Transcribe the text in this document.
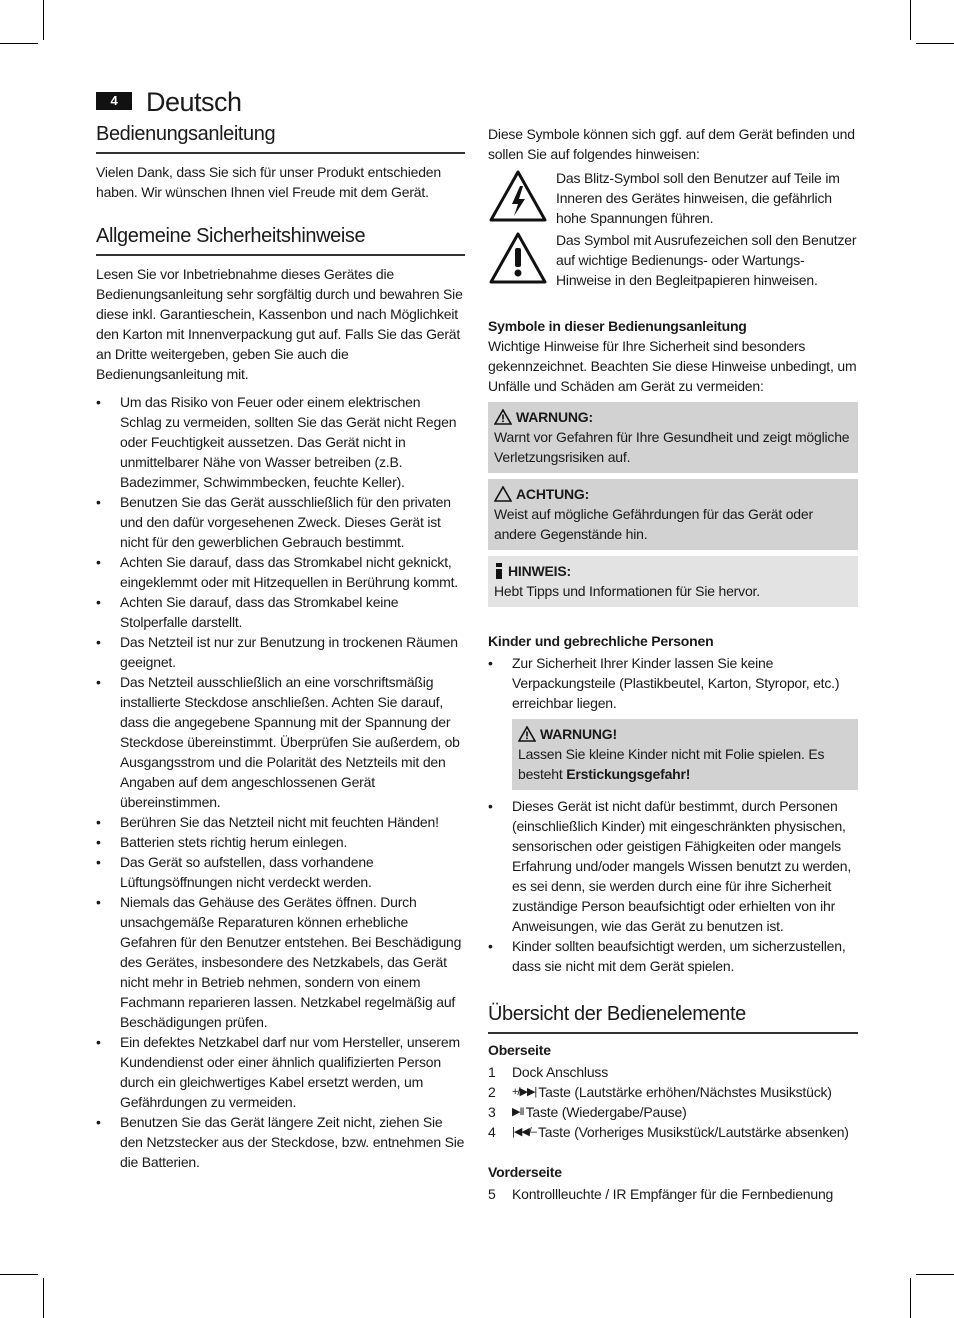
4	Deutsch
Bedienungsanleitung

Vielen Dank, dass Sie sich für unser Produkt entschieden haben. Wir wünschen Ihnen viel Freude mit dem Gerät.

Allgemeine Sicherheitshinweise

Lesen Sie vor Inbetriebnahme dieses Gerätes die Bedienungsanleitung sehr sorgfältig durch und bewahren Sie diese inkl. Garantieschein, Kassenbon und nach Möglichkeit den Karton mit Innenverpackung gut auf. Falls Sie das Gerät an Dritte weitergeben, geben Sie auch die Bedienungsanleitung mit.

• Um das Risiko von Feuer oder einem elektrischen Schlag zu vermeiden, sollten Sie das Gerät nicht Regen oder Feuchtigkeit aussetzen. Das Gerät nicht in unmittelbarer Nähe von Wasser betreiben (z.B. Badezimmer, Schwimmbecken, feuchte Keller).
• Benutzen Sie das Gerät ausschließlich für den privaten und den dafür vorgesehenen Zweck. Dieses Gerät ist nicht für den gewerblichen Gebrauch bestimmt.
• Achten Sie darauf, dass das Stromkabel nicht geknickt, eingeklemmt oder mit Hitzequellen in Berührung kommt.
• Achten Sie darauf, dass das Stromkabel keine Stolperfalle darstellt.
• Das Netzteil ist nur zur Benutzung in trockenen Räumen geeignet.
• Das Netzteil ausschließlich an eine vorschriftsmäßig installierte Steckdose anschließen. Achten Sie darauf, dass die angegebene Spannung mit der Spannung der Steckdose übereinstimmt. Überprüfen Sie außerdem, ob Ausgangsstrom und die Polarität des Netzteils mit den Angaben auf dem angeschlossenen Gerät übereinstimmen.
• Berühren Sie das Netzteil nicht mit feuchten Händen!
• Batterien stets richtig herum einlegen.
• Das Gerät so aufstellen, dass vorhandene Lüftungsöffnungen nicht verdeckt werden.
• Niemals das Gehäuse des Gerätes öffnen. Durch unsachgemäße Reparaturen können erhebliche Gefahren für den Benutzer entstehen. Bei Beschädigung des Gerätes, insbesondere des Netzkabels, das Gerät nicht mehr in Betrieb nehmen, sondern von einem Fachmann reparieren lassen. Netzkabel regelmäßig auf Beschädigungen prüfen.
• Ein defektes Netzkabel darf nur vom Hersteller, unserem Kundendienst oder einer ähnlich qualifizierten Person durch ein gleichwertiges Kabel ersetzt werden, um Gefährdungen zu vermeiden.
• Benutzen Sie das Gerät längere Zeit nicht, ziehen Sie den Netzstecker aus der Steckdose, bzw. entnehmen Sie die Batterien.

Diese Symbole können sich ggf. auf dem Gerät befinden und sollen Sie auf folgendes hinweisen:

Das Blitz-Symbol soll den Benutzer auf Teile im Inneren des Gerätes hinweisen, die gefährlich hohe Spannungen führen.
Das Symbol mit Ausrufezeichen soll den Benutzer auf wichtige Bedienungs- oder Wartungs-Hinweise in den Begleitpapieren hinweisen.
Symbole in dieser Bedienungsanleitung

Wichtige Hinweise für Ihre Sicherheit sind besonders gekennzeichnet. Beachten Sie diese Hinweise unbedingt, um Unfälle und Schäden am Gerät zu vermeiden:

WARNUNG:
Warnt vor Gefahren für Ihre Gesundheit und zeigt mögliche Verletzungsrisiken auf.
ACHTUNG:
Weist auf mögliche Gefährdungen für das Gerät oder andere Gegenstände hin.
HINWEIS:
Hebt Tipps und Informationen für Sie hervor.
Kinder und gebrechliche Personen
• Zur Sicherheit Ihrer Kinder lassen Sie keine Verpackungsteile (Plastikbeutel, Karton, Styropor, etc.) erreichbar liegen.
WARNUNG!
Lassen Sie kleine Kinder nicht mit Folie spielen. Es besteht Erstickungsgefahr!
• Dieses Gerät ist nicht dafür bestimmt, durch Personen (einschließlich Kinder) mit eingeschränkten physischen, sensorischen oder geistigen Fähigkeiten oder mangels Erfahrung und/oder mangels Wissen benutzt zu werden, es sei denn, sie werden durch eine für ihre Sicherheit zuständige Person beaufsichtigt oder erhielten von ihr Anweisungen, wie das Gerät zu benutzen ist.
• Kinder sollten beaufsichtigt werden, um sicherzustellen, dass sie nicht mit dem Gerät spielen.
Übersicht der Bedienelemente
Oberseite
1	Dock Anschluss
2	+/▶▶| Taste (Lautstärke erhöhen/Nächstes Musikstück)
3	▶II Taste (Wiedergabe/Pause)
4	|◀◀/– Taste (Vorheriges Musikstück/Lautstärke absenken)
Vorderseite
5	Kontrollleuchte / IR Empfänger für die Fernbedienung
